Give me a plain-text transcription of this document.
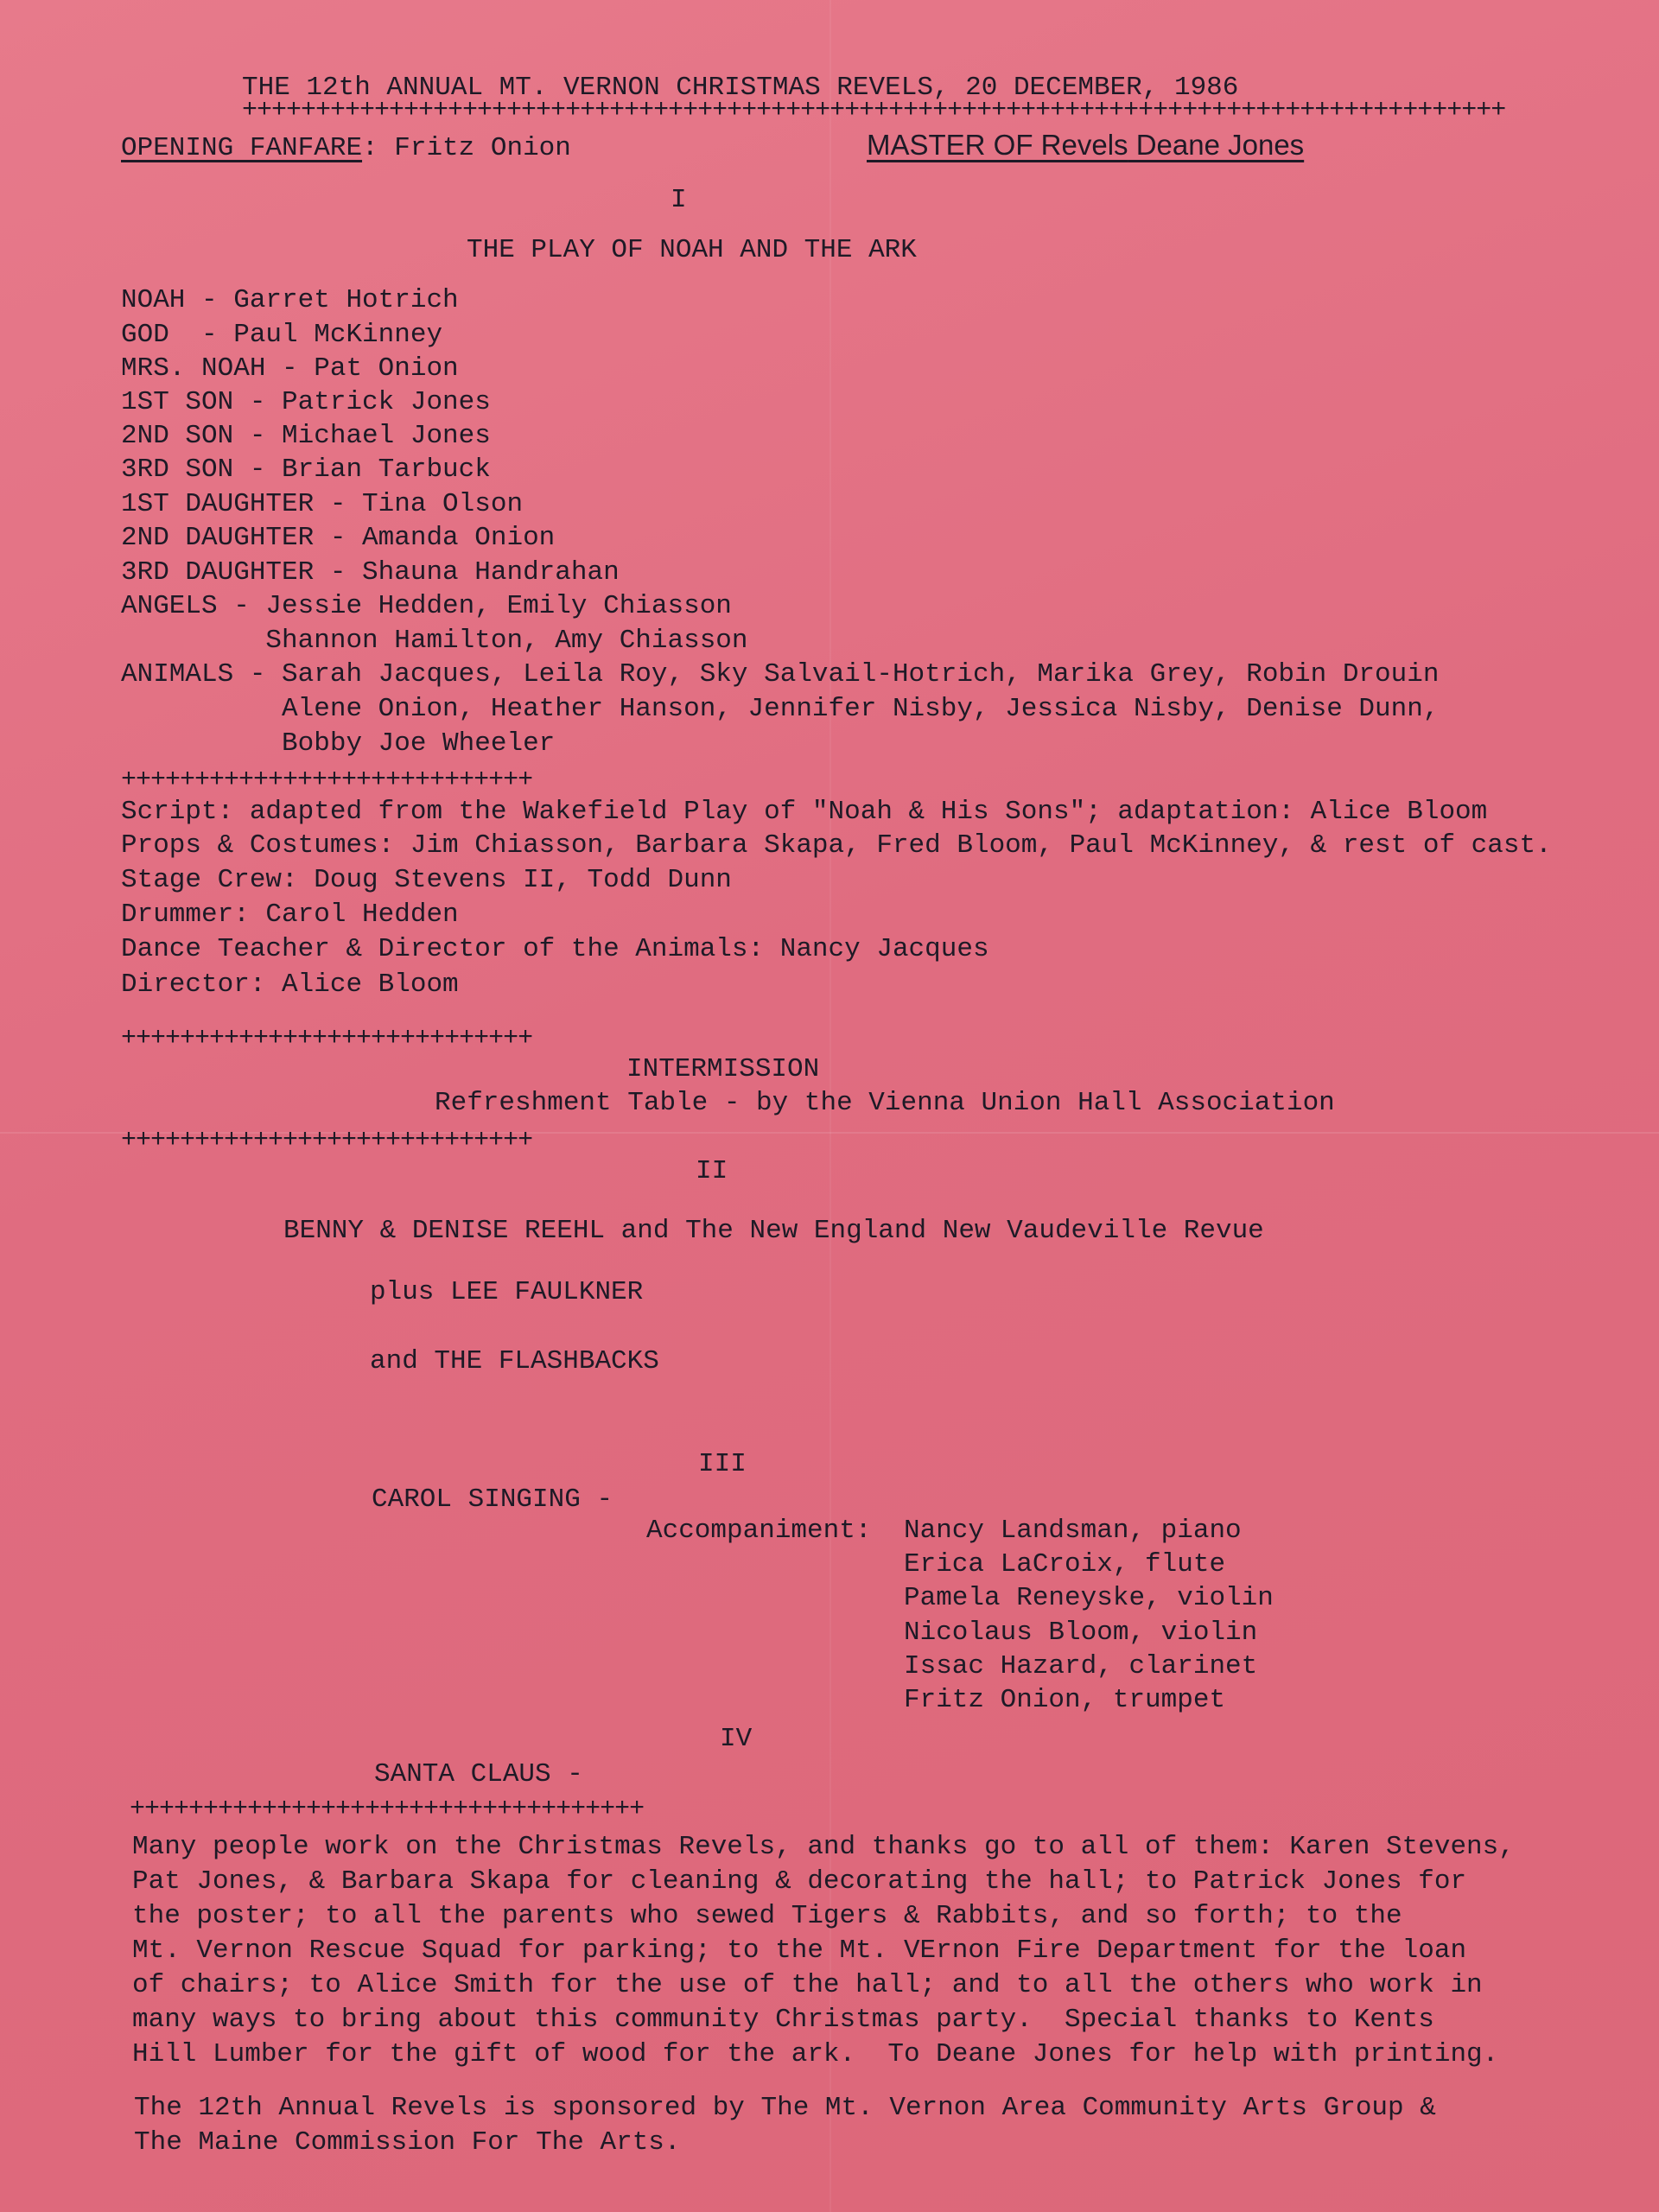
THE 12th ANNUAL MT. VERNON CHRISTMAS REVELS, 20 DECEMBER, 1986
++++++++++++++++++++++++++++++++++++++++++++++++++++++++++++++++++++++++++++++++++++++
OPENING FANFARE: Fritz Onion	MASTER OF Revels Deane Jones
I
THE PLAY OF NOAH AND THE ARK
NOAH - Garret Hotrich
GOD  - Paul McKinney
MRS. NOAH - Pat Onion
1ST SON - Patrick Jones
2ND SON - Michael Jones
3RD SON - Brian Tarbuck
1ST DAUGHTER - Tina Olson
2ND DAUGHTER - Amanda Onion
3RD DAUGHTER - Shauna Handrahan
ANGELS - Jessie Hedden, Emily Chiasson
Shannon Hamilton, Amy Chiasson
ANIMALS - Sarah Jacques, Leila Roy, Sky Salvail-Hotrich, Marika Grey, Robin Drouin
Alene Onion, Heather Hanson, Jennifer Nisby, Jessica Nisby, Denise Dunn,
Bobby Joe Wheeler
++++++++++++++++++++++++++++
Script: adapted from the Wakefield Play of "Noah & His Sons"; adaptation: Alice Bloom
Props & Costumes: Jim Chiasson, Barbara Skapa, Fred Bloom, Paul McKinney, & rest of cast.
Stage Crew: Doug Stevens II, Todd Dunn
Drummer: Carol Hedden
Dance Teacher & Director of the Animals: Nancy Jacques
Director: Alice Bloom
++++++++++++++++++++++++++++
INTERMISSION
Refreshment Table - by the Vienna Union Hall Association
++++++++++++++++++++++++++++
II
BENNY & DENISE REEHL and The New England New Vaudeville Revue
plus LEE FAULKNER
and THE FLASHBACKS
III
CAROL SINGING -
Accompaniment: Nancy Landsman, piano
Erica LaCroix, flute
Pamela Reneyske, violin
Nicolaus Bloom, violin
Issac Hazard, clarinet
Fritz Onion, trumpet
IV
SANTA CLAUS -
+++++++++++++++++++++++++++++++++++
Many people work on the Christmas Revels, and thanks go to all of them: Karen Stevens,
Pat Jones, & Barbara Skapa for cleaning & decorating the hall; to Patrick Jones for
the poster; to all the parents who sewed Tigers & Rabbits, and so forth; to the
Mt. Vernon Rescue Squad for parking; to the Mt. VErnon Fire Department for the loan
of chairs; to Alice Smith for the use of the hall; and to all the others who work in
many ways to bring about this community Christmas party.  Special thanks to Kents
Hill Lumber for the gift of wood for the ark.  To Deane Jones for help with printing.
The 12th Annual Revels is sponsored by The Mt. Vernon Area Community Arts Group &
The Maine Commission For The Arts.
